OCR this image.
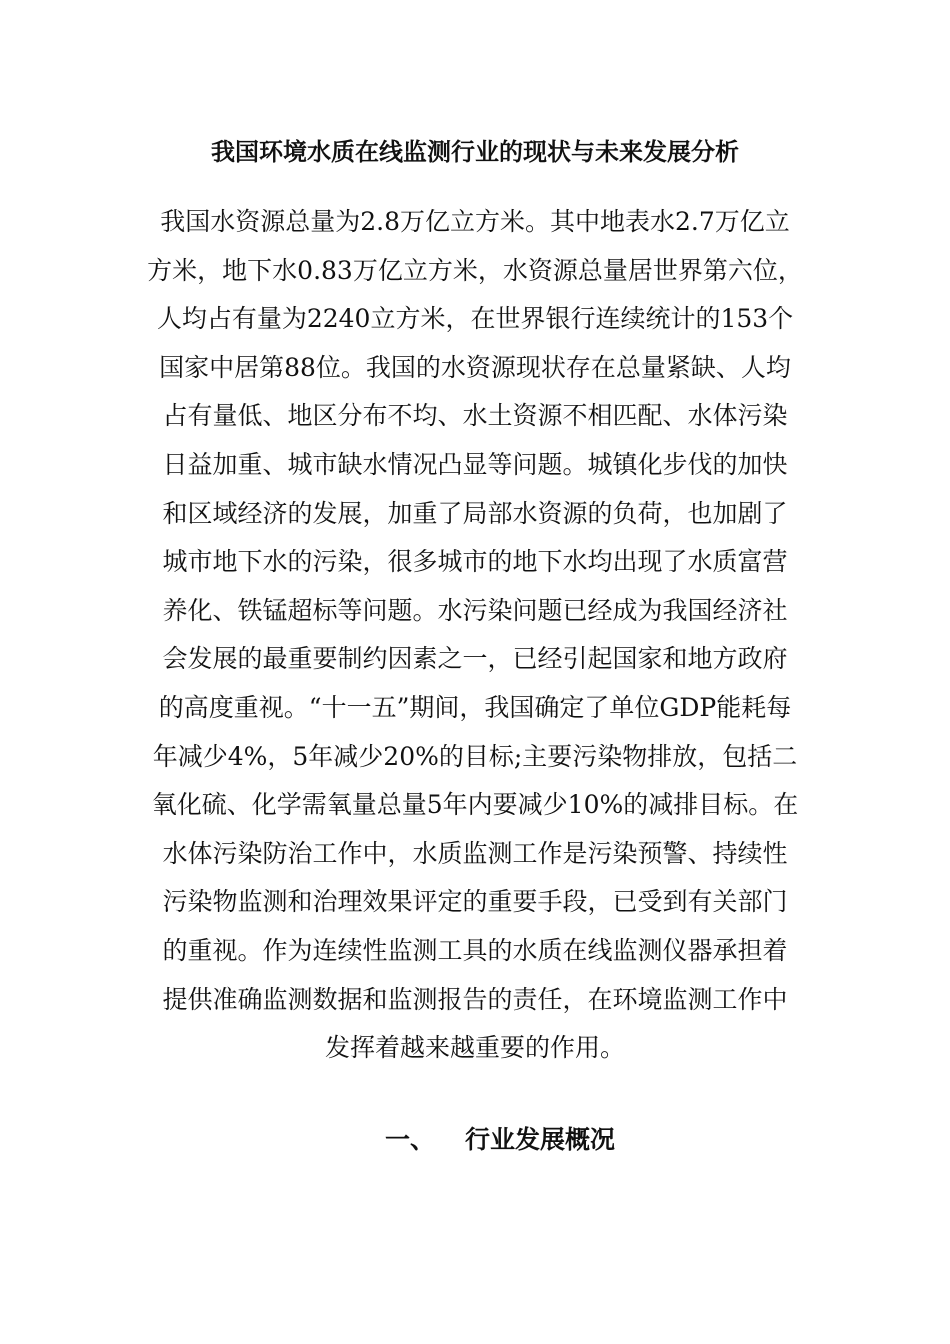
我国环境水质在线监测行业的现状与未来发展分析
我国水资源总量为2.8万亿立方米。其中地表水2.7万亿立
方米，地下水0.83万亿立方米，水资源总量居世界第六位，
人均占有量为2240立方米，在世界银行连续统计的153个
国家中居第88位。我国的水资源现状存在总量紧缺、人均
占有量低、地区分布不均、水土资源不相匹配、水体污染
日益加重、城市缺水情况凸显等问题。城镇化步伐的加快
和区域经济的发展，加重了局部水资源的负荷，也加剧了
城市地下水的污染，很多城市的地下水均出现了水质富营
养化、铁锰超标等问题。水污染问题已经成为我国经济社
会发展的最重要制约因素之一，已经引起国家和地方政府
的高度重视。“十一五”期间，我国确定了单位GDP能耗每
年减少4%，5年减少20%的目标;主要污染物排放，包括二
氧化硫、化学需氧量总量5年内要减少10%的减排目标。在
水体污染防治工作中，水质监测工作是污染预警、持续性
污染物监测和治理效果评定的重要手段，已受到有关部门
的重视。作为连续性监测工具的水质在线监测仪器承担着
提供准确监测数据和监测报告的责任，在环境监测工作中
发挥着越来越重要的作用。
一、 行业发展概况
